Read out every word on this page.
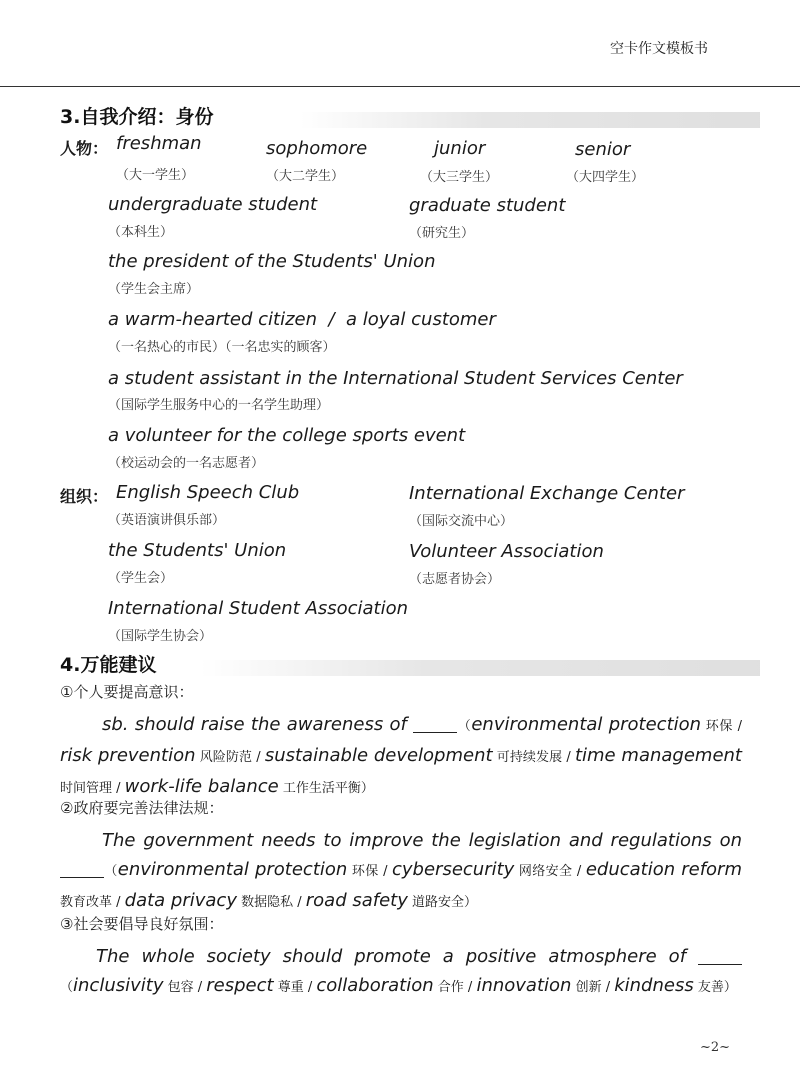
空卡作文模板书
3.自我介绍：身份
人物： freshman
（大一学生）
sophomore
（大二学生）
junior
（大三学生）
senior
（大四学生）
undergraduate student
（本科生）
graduate student
（研究生）
the president of the Students' Union
（学生会主席）
a warm-hearted citizen  /  a loyal customer
（一名热心的市民）（一名忠实的顾客）
a student assistant in the International Student Services Center
（国际学生服务中心的一名学生助理）
a volunteer for the college sports event
（校运动会的一名志愿者）
组织： English Speech Club
（英语演讲俱乐部）
International Exchange Center
（国际交流中心）
the Students' Union
（学生会）
Volunteer Association
（志愿者协会）
International Student Association
（国际学生协会）
4.万能建议
①个人要提高意识：
sb. should raise the awareness of	（environmental protection 环保 / risk prevention 风险防范 / sustainable development 可持续发展 / time management 时间管理 / work-life balance 工作生活平衡）
②政府要完善法律法规：
The government needs to improve the legislation and regulations on（environmental protection 环保 / cybersecurity 网络安全 / education reform 教育改革 / data privacy 数据隐私 / road safety 道路安全）
③社会要倡导良好氛围：
The whole society should promote a positive atmosphere of （inclusivity 包容 / respect 尊重 / collaboration 合作 / innovation 创新 / kindness 友善）
~2~
